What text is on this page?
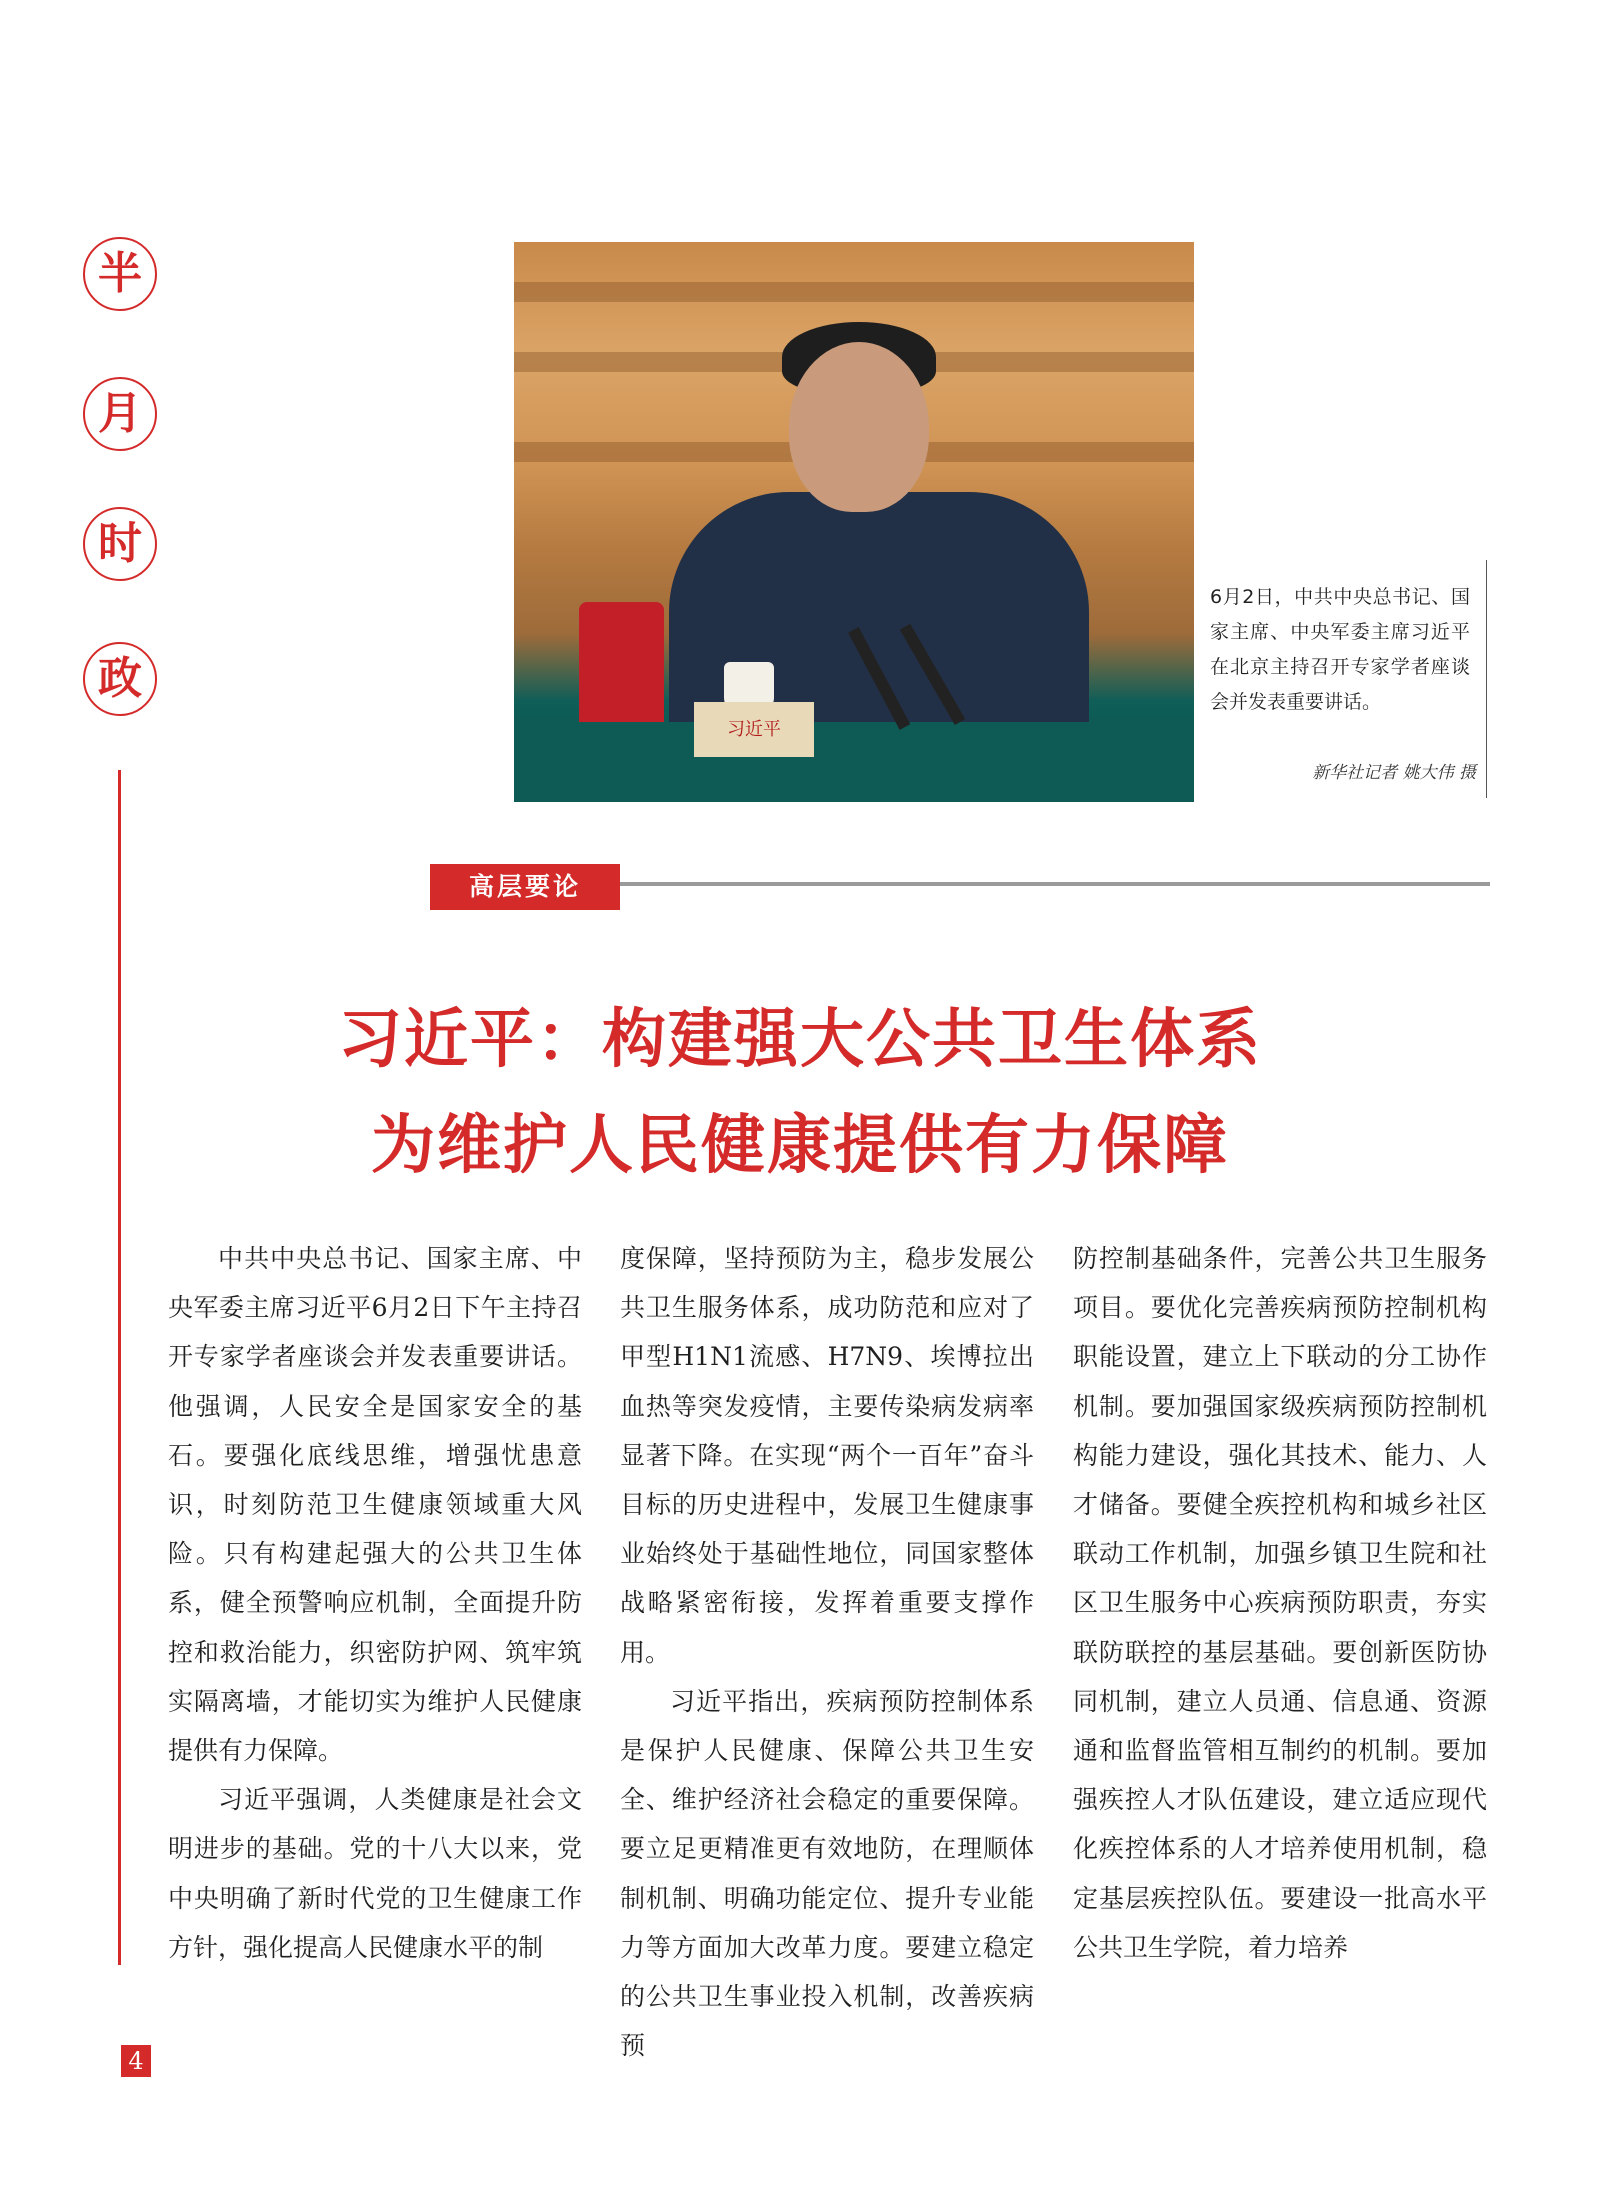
半
月
时
政
习近平
6月2日，中共中央总书记、国家主席、中央军委主席习近平在北京主持召开专家学者座谈会并发表重要讲话。
新华社记者 姚大伟 摄
高层要论
习近平：构建强大公共卫生体系
为维护人民健康提供有力保障

中共中央总书记、国家主席、中央军委主席习近平6月2日下午主持召开专家学者座谈会并发表重要讲话。他强调，人民安全是国家安全的基石。要强化底线思维，增强忧患意识，时刻防范卫生健康领域重大风险。只有构建起强大的公共卫生体系，健全预警响应机制，全面提升防控和救治能力，织密防护网、筑牢筑实隔离墙，才能切实为维护人民健康提供有力保障。

习近平强调，人类健康是社会文明进步的基础。党的十八大以来，党中央明确了新时代党的卫生健康工作方针，强化提高人民健康水平的制

度保障，坚持预防为主，稳步发展公共卫生服务体系，成功防范和应对了甲型H1N1流感、H7N9、埃博拉出血热等突发疫情，主要传染病发病率显著下降。在实现“两个一百年”奋斗目标的历史进程中，发展卫生健康事业始终处于基础性地位，同国家整体战略紧密衔接，发挥着重要支撑作用。

习近平指出，疾病预防控制体系是保护人民健康、保障公共卫生安全、维护经济社会稳定的重要保障。要立足更精准更有效地防，在理顺体制机制、明确功能定位、提升专业能力等方面加大改革力度。要建立稳定的公共卫生事业投入机制，改善疾病预

防控制基础条件，完善公共卫生服务项目。要优化完善疾病预防控制机构职能设置，建立上下联动的分工协作机制。要加强国家级疾病预防控制机构能力建设，强化其技术、能力、人才储备。要健全疾控机构和城乡社区联动工作机制，加强乡镇卫生院和社区卫生服务中心疾病预防职责，夯实联防联控的基层基础。要创新医防协同机制，建立人员通、信息通、资源通和监督监管相互制约的机制。要加强疾控人才队伍建设，建立适应现代化疾控体系的人才培养使用机制，稳定基层疾控队伍。要建设一批高水平公共卫生学院，着力培养

4
